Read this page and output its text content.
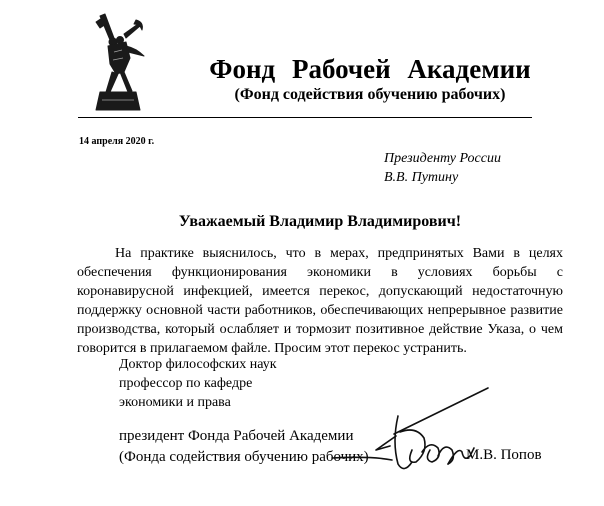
Фонд Рабочей Академии
(Фонд содействия обучению рабочих)
14 апреля 2020 г.
Президенту России
В.В. Путину
Уважаемый Владимир Владимирович!

На практике выяснилось, что в мерах, предпринятых Вами в целях обеспечения функционирования экономики в условиях борьбы с коронавирусной инфекцией, имеется перекос, допускающий недостаточную поддержку основной части работников, обеспечивающих непрерывное развитие производства, который ослабляет и тормозит позитивное действие Указа, о чем говорится в прилагаемом файле. Просим этот перекос устранить.

Доктор философских наук
профессор по кафедре
экономики и права
президент Фонда Рабочей Академии
(Фонда содействия обучению рабочих)	М.В. Попов
